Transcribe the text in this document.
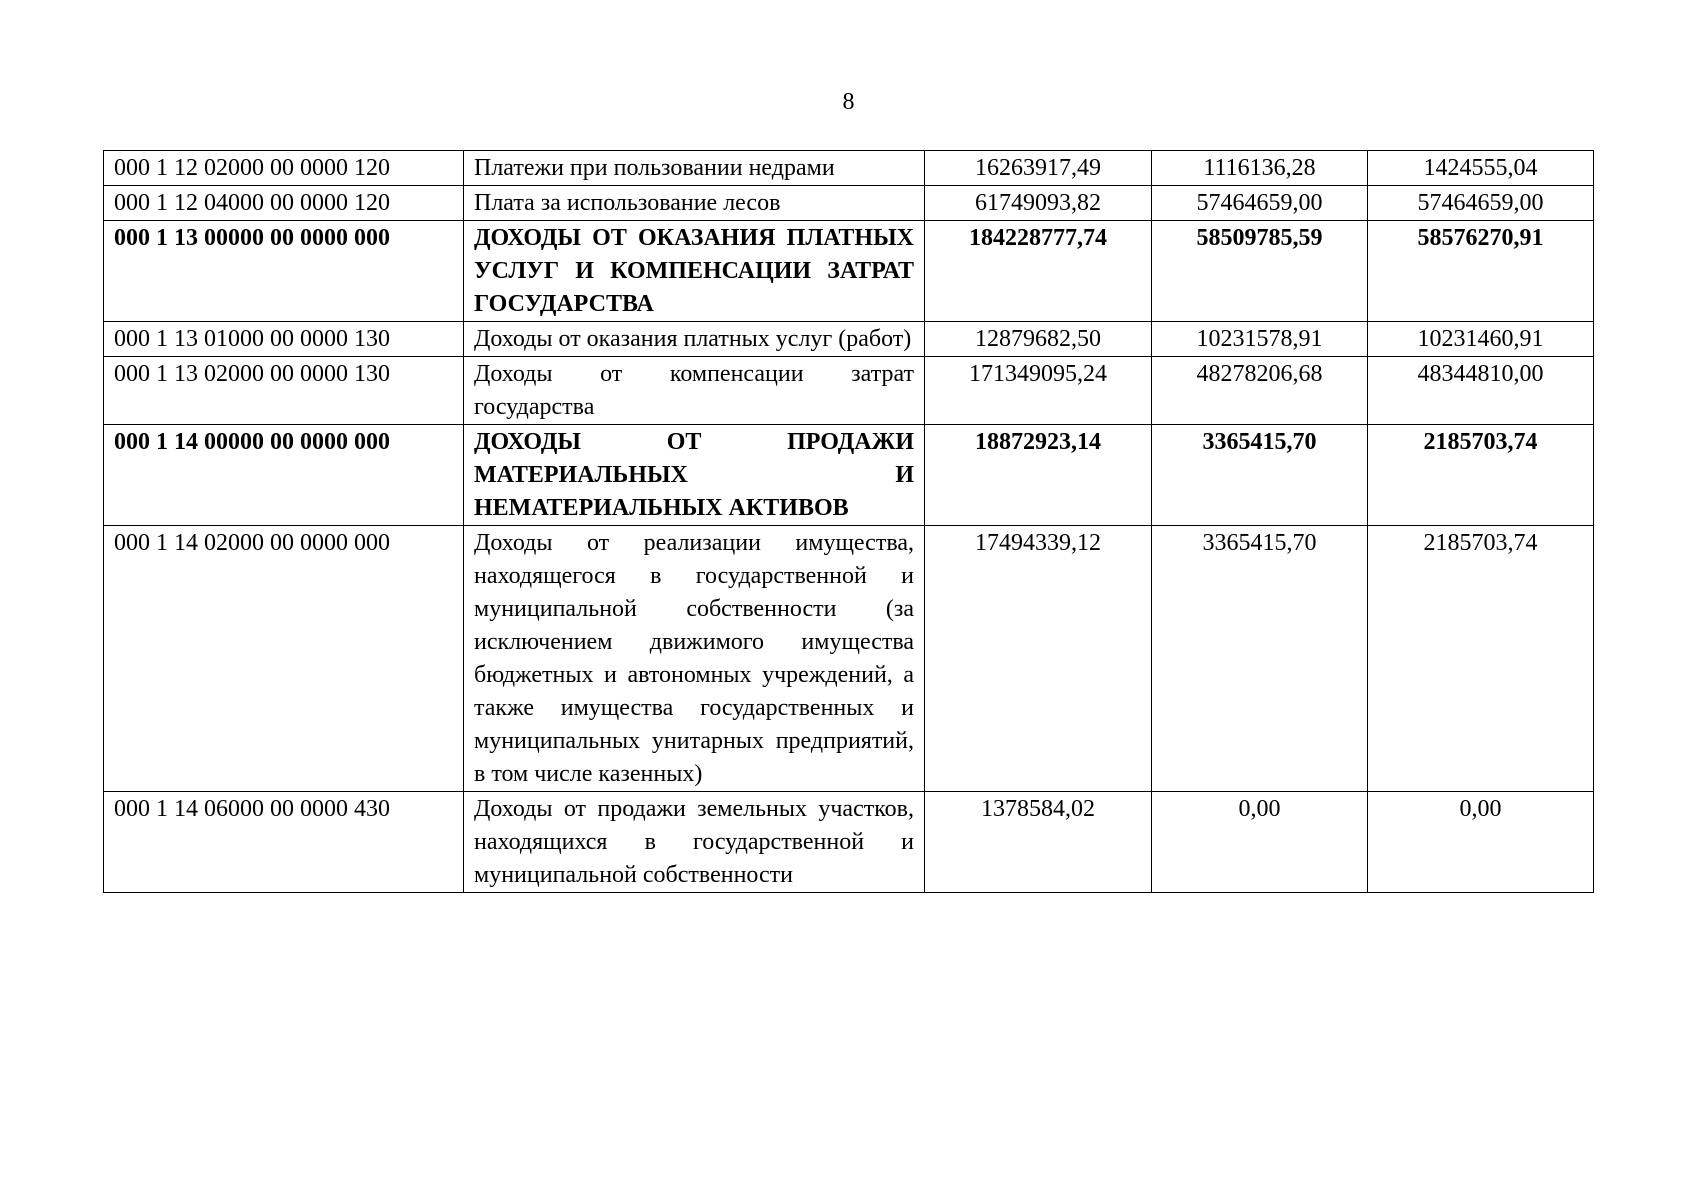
8
000 1 12 02000 00 0000 120	Платежи при пользовании недрами	16263917,49	1116136,28	1424555,04
000 1 12 04000 00 0000 120	Плата за использование лесов	61749093,82	57464659,00	57464659,00
000 1 13 00000 00 0000 000	ДОХОДЫ ОТ ОКАЗАНИЯ ПЛАТНЫХ УСЛУГ И КОМПЕНСАЦИИ ЗАТРАТ ГОСУДАРСТВА	184228777,74	58509785,59	58576270,91
000 1 13 01000 00 0000 130	Доходы от оказания платных услуг (работ)	12879682,50	10231578,91	10231460,91
000 1 13 02000 00 0000 130	Доходы от компенсации затрат государства	171349095,24	48278206,68	48344810,00
000 1 14 00000 00 0000 000	ДОХОДЫ ОТ ПРОДАЖИ МАТЕРИАЛЬНЫХ И НЕМАТЕРИАЛЬНЫХ АКТИВОВ	18872923,14	3365415,70	2185703,74
000 1 14 02000 00 0000 000	Доходы от реализации имущества, находящегося в государственной и муниципальной собственности (за исключением движимого имущества бюджетных и автономных учреждений, а также имущества государственных и муниципальных унитарных предприятий, в том числе казенных)	17494339,12	3365415,70	2185703,74
000 1 14 06000 00 0000 430	Доходы от продажи земельных участков, находящихся в государственной и муниципальной собственности	1378584,02	0,00	0,00
